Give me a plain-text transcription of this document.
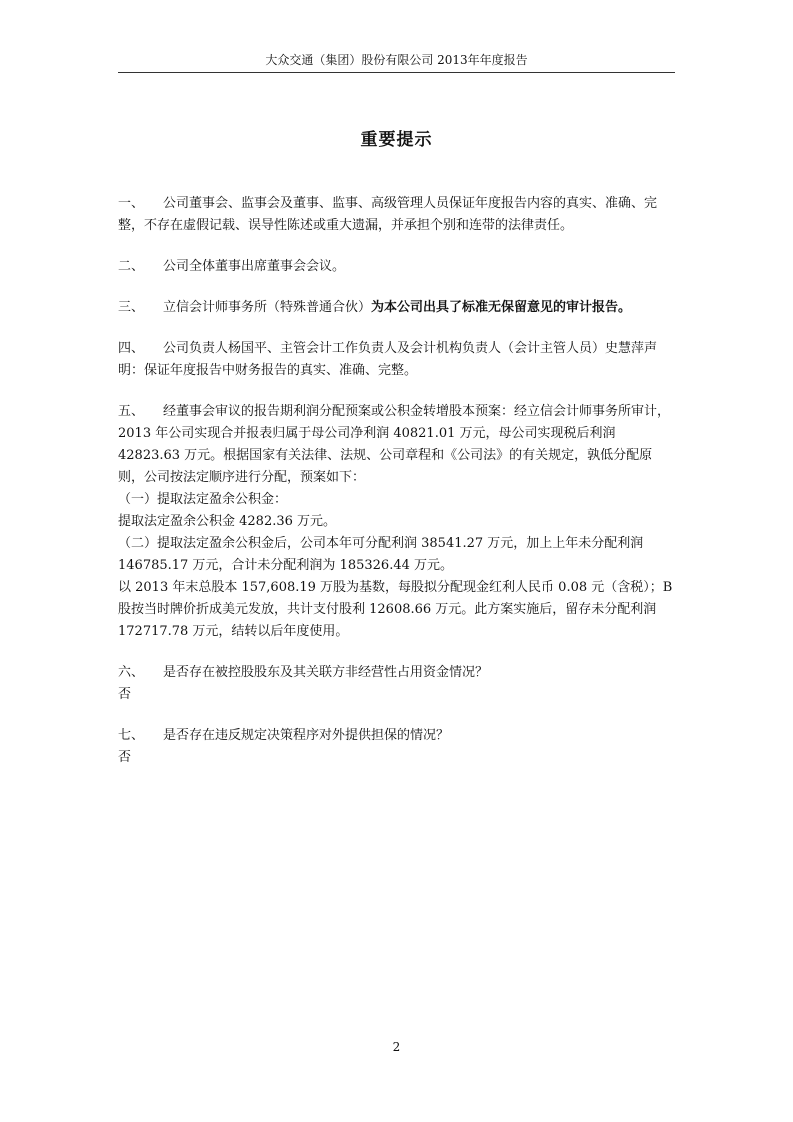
大众交通（集团）股份有限公司 2013年年度报告
重要提示
一、 公司董事会、监事会及董事、监事、高级管理人员保证年度报告内容的真实、准确、完整，不存在虚假记载、误导性陈述或重大遗漏，并承担个别和连带的法律责任。
二、 公司全体董事出席董事会会议。
三、 立信会计师事务所（特殊普通合伙）为本公司出具了标准无保留意见的审计报告。
四、 公司负责人杨国平、主管会计工作负责人及会计机构负责人（会计主管人员）史慧萍声明：保证年度报告中财务报告的真实、准确、完整。
五、 经董事会审议的报告期利润分配预案或公积金转增股本预案：经立信会计师事务所审计，2013 年公司实现合并报表归属于母公司净利润 40821.01 万元，母公司实现税后利润 42823.63 万元。根据国家有关法律、法规、公司章程和《公司法》的有关规定，孰低分配原则，公司按法定顺序进行分配，预案如下：
（一）提取法定盈余公积金：
提取法定盈余公积金 4282.36 万元。
（二）提取法定盈余公积金后，公司本年可分配利润 38541.27 万元，加上上年未分配利润 146785.17 万元，合计未分配利润为 185326.44 万元。
以 2013 年末总股本 157,608.19 万股为基数，每股拟分配现金红利人民币 0.08 元（含税）；B 股按当时牌价折成美元发放，共计支付股利 12608.66 万元。此方案实施后，留存未分配利润 172717.78 万元，结转以后年度使用。
六、 是否存在被控股股东及其关联方非经营性占用资金情况？
否
七、 是否存在违反规定决策程序对外提供担保的情况？
否
2
